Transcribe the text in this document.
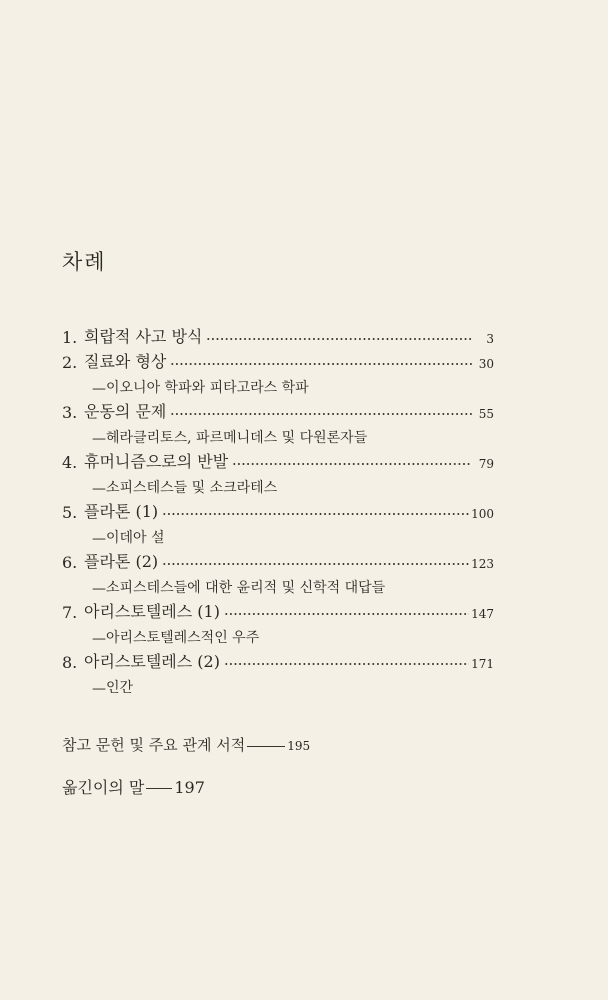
차례
1. 희랍적 사고 방식	3
2. 질료와 형상	30
— 이오니아 학파와 피타고라스 학파
3. 운동의 문제	55
— 헤라클리토스, 파르메니데스 및 다원론자들
4. 휴머니즘으로의 반발	79
— 소피스테스들 및 소크라테스
5. 플라톤 (1)	100
— 이데아 설
6. 플라톤 (2)	123
— 소피스테스들에 대한 윤리적 및 신학적 대답들
7. 아리스토텔레스 (1)	147
— 아리스토텔레스적인 우주
8. 아리스토텔레스 (2)	171
— 인간
참고 문헌 및 주요 관계 서적	195
옮긴이의 말 197
